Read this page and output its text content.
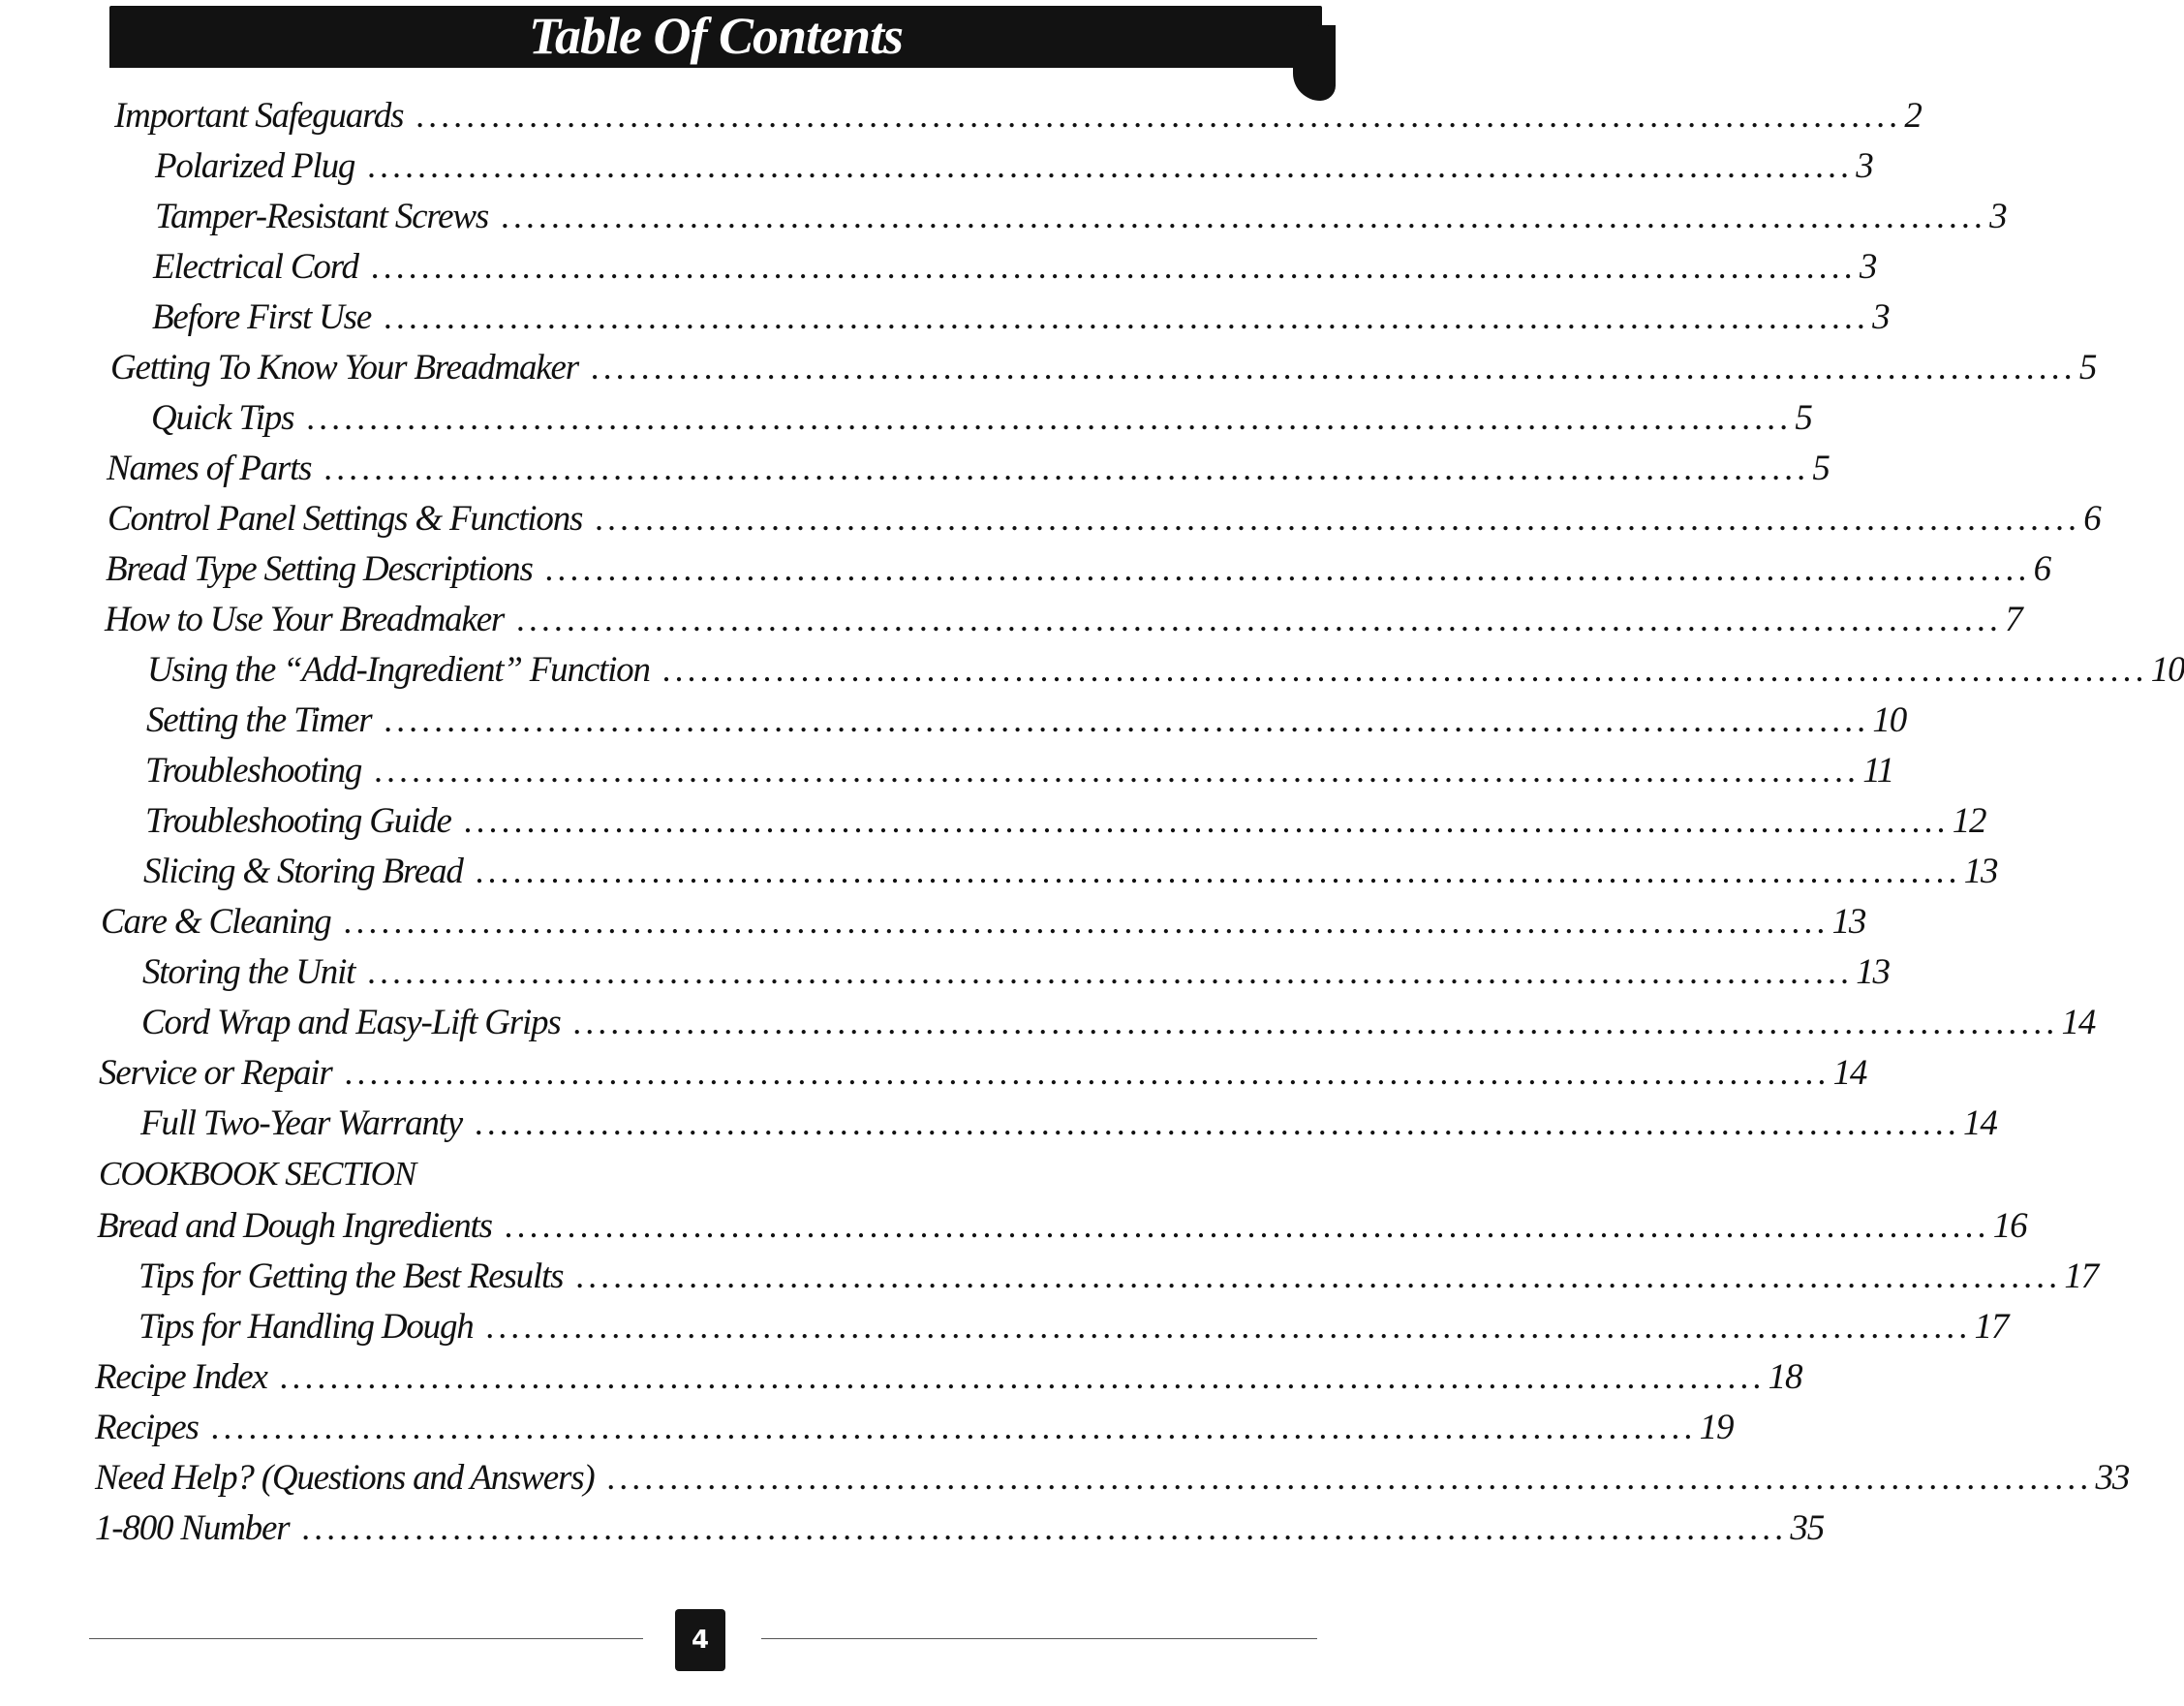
Table Of Contents
Important Safeguards ...................................................................................................................... 2
Polarized Plug ...................................................................................................................... 3
Tamper-Resistant Screws ...................................................................................................................... 3
Electrical Cord ...................................................................................................................... 3
Before First Use ...................................................................................................................... 3
Getting To Know Your Breadmaker ...................................................................................................................... 5
Quick Tips ...................................................................................................................... 5
Names of Parts ...................................................................................................................... 5
Control Panel Settings & Functions ...................................................................................................................... 6
Bread Type Setting Descriptions ...................................................................................................................... 6
How to Use Your Breadmaker ...................................................................................................................... 7
Using the “Add-Ingredient” Function ...................................................................................................................... 10
Setting the Timer ...................................................................................................................... 10
Troubleshooting ...................................................................................................................... 11
Troubleshooting Guide ...................................................................................................................... 12
Slicing & Storing Bread ...................................................................................................................... 13
Care & Cleaning ...................................................................................................................... 13
Storing the Unit ...................................................................................................................... 13
Cord Wrap and Easy-Lift Grips ...................................................................................................................... 14
Service or Repair ...................................................................................................................... 14
Full Two-Year Warranty ...................................................................................................................... 14
COOKBOOK SECTION
Bread and Dough Ingredients ...................................................................................................................... 16
Tips for Getting the Best Results ...................................................................................................................... 17
Tips for Handling Dough ...................................................................................................................... 17
Recipe Index ...................................................................................................................... 18
Recipes ...................................................................................................................... 19
Need Help? (Questions and Answers) ...................................................................................................................... 33
1-800 Number ...................................................................................................................... 35
4
